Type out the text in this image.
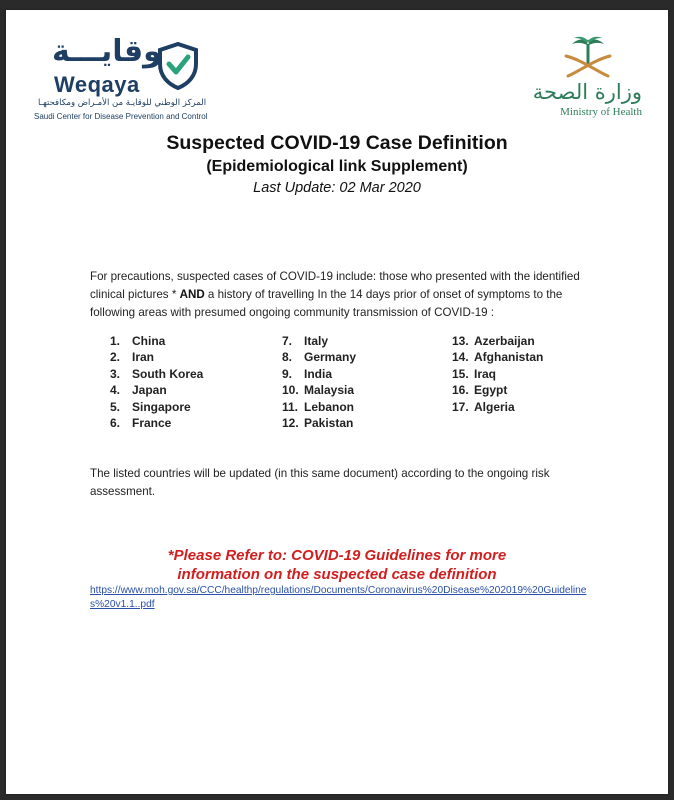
وقايـــة
Weqaya
المركز الوطني للوقايـة من الأمـراض ومكافحتهـا
Saudi Center for Disease Prevention and Control
وزارة الصحة
Ministry of Health
Suspected COVID-19 Case Definition
(Epidemiological link Supplement)
Last Update: 02 Mar 2020
For precautions, suspected cases of COVID-19 include: those who presented with the identified clinical pictures * AND a history of travelling In the 14 days prior of onset of symptoms to the following areas with presumed ongoing community transmission of COVID-19 :
1. China
2. Iran
3. South Korea
4. Japan
5. Singapore
6. France
7. Italy
8. Germany
9. India
10. Malaysia
11. Lebanon
12. Pakistan
13. Azerbaijan
14. Afghanistan
15. Iraq
16. Egypt
17. Algeria
The listed countries will be updated (in this same document) according to the ongoing risk assessment.
*Please Refer to: COVID-19 Guidelines for more
information on the suspected case definition
https://www.moh.gov.sa/CCC/healthp/regulations/Documents/Coronavirus%20Disease%202019%20Guidelines%20v1.1..pdf
